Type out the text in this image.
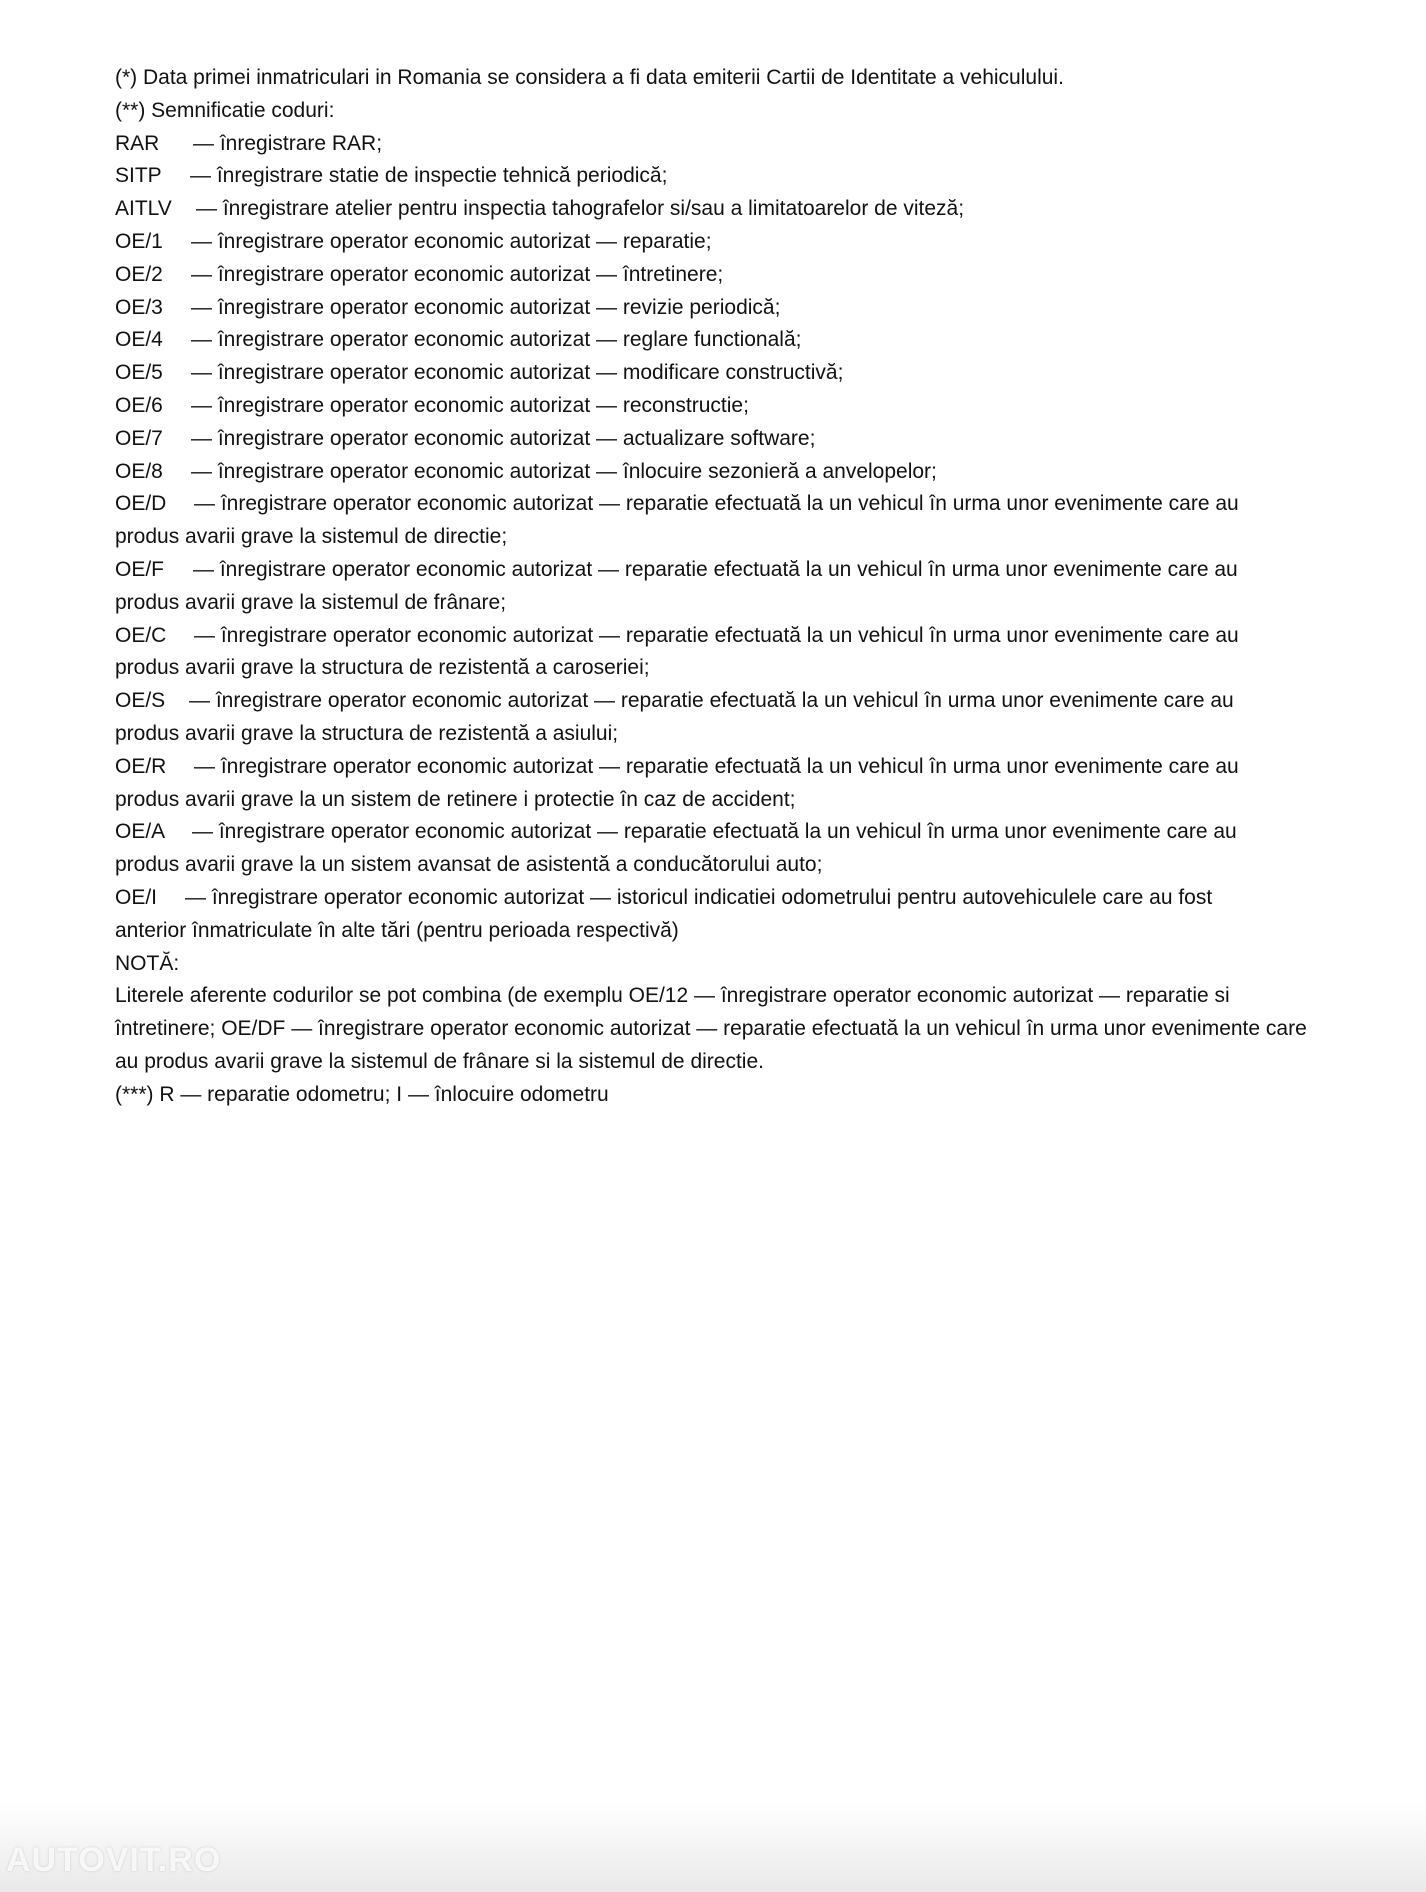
(*) Data primei inmatriculari in Romania se considera a fi data emiterii Cartii de Identitate a vehiculului.
(**) Semnificatie coduri:
RAR — înregistrare RAR;
SITP — înregistrare statie de inspectie tehnică periodică;
AITLV — înregistrare atelier pentru inspectia tahografelor si/sau a limitatoarelor de viteză;
OE/1 — înregistrare operator economic autorizat — reparatie;
OE/2 — înregistrare operator economic autorizat — întretinere;
OE/3 — înregistrare operator economic autorizat — revizie periodică;
OE/4 — înregistrare operator economic autorizat — reglare functională;
OE/5 — înregistrare operator economic autorizat — modificare constructivă;
OE/6 — înregistrare operator economic autorizat — reconstructie;
OE/7 — înregistrare operator economic autorizat — actualizare software;
OE/8 — înregistrare operator economic autorizat — înlocuire sezonieră a anvelopelor;
OE/D — înregistrare operator economic autorizat — reparatie efectuată la un vehicul în urma unor evenimente care au
produs avarii grave la sistemul de directie;
OE/F — înregistrare operator economic autorizat — reparatie efectuată la un vehicul în urma unor evenimente care au
produs avarii grave la sistemul de frânare;
OE/C — înregistrare operator economic autorizat — reparatie efectuată la un vehicul în urma unor evenimente care au
produs avarii grave la structura de rezistentă a caroseriei;
OE/S — înregistrare operator economic autorizat — reparatie efectuată la un vehicul în urma unor evenimente care au
produs avarii grave la structura de rezistentă a asiului;
OE/R — înregistrare operator economic autorizat — reparatie efectuată la un vehicul în urma unor evenimente care au
produs avarii grave la un sistem de retinere i protectie în caz de accident;
OE/A — înregistrare operator economic autorizat — reparatie efectuată la un vehicul în urma unor evenimente care au
produs avarii grave la un sistem avansat de asistentă a conducătorului auto;
OE/I — înregistrare operator economic autorizat — istoricul indicatiei odometrului pentru autovehiculele care au fost
anterior înmatriculate în alte tări (pentru perioada respectivă)
NOTĂ:
Literele aferente codurilor se pot combina (de exemplu OE/12 — înregistrare operator economic autorizat — reparatie si întretinere; OE/DF — înregistrare operator economic autorizat — reparatie efectuată la un vehicul în urma unor evenimente care au produs avarii grave la sistemul de frânare si la sistemul de directie.
(***) R — reparatie odometru; I — înlocuire odometru
AUTOVIT.RO
